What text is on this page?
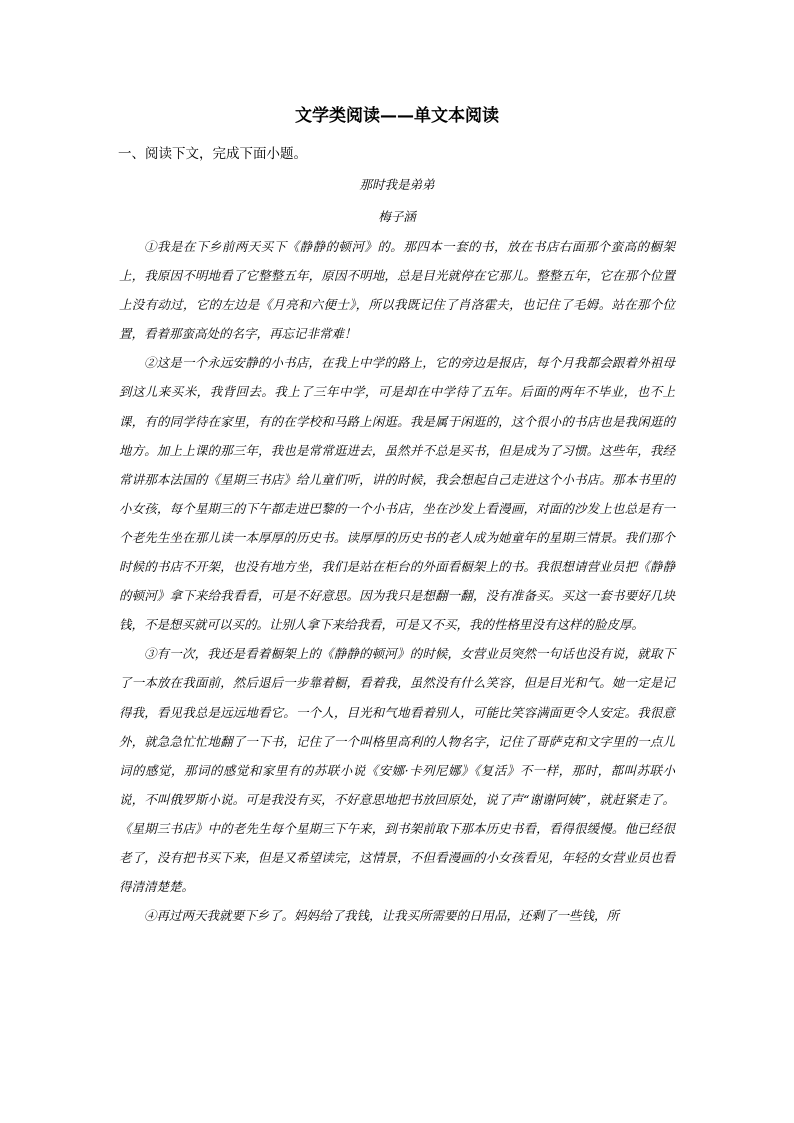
文学类阅读——单文本阅读
一、阅读下文，完成下面小题。
那时我是弟弟
梅子涵

①我是在下乡前两天买下《静静的顿河》的。那四本一套的书，放在书店右面那个蛮高的橱架上，我原因不明地看了它整整五年，原因不明地，总是目光就停在它那儿。整整五年，它在那个位置上没有动过，它的左边是《月亮和六便士》，所以我既记住了肖洛霍夫，也记住了毛姆。站在那个位置，看着那蛮高处的名字，再忘记非常难！

②这是一个永远安静的小书店，在我上中学的路上，它的旁边是报店，每个月我都会跟着外祖母到这儿来买米，我背回去。我上了三年中学，可是却在中学待了五年。后面的两年不毕业，也不上课，有的同学待在家里，有的在学校和马路上闲逛。我是属于闲逛的，这个很小的书店也是我闲逛的地方。加上上课的那三年，我也是常常逛进去，虽然并不总是买书，但是成为了习惯。这些年，我经常讲那本法国的《星期三书店》给儿童们听，讲的时候，我会想起自己走进这个小书店。那本书里的小女孩，每个星期三的下午都走进巴黎的一个小书店，坐在沙发上看漫画，对面的沙发上也总是有一个老先生坐在那儿读一本厚厚的历史书。读厚厚的历史书的老人成为她童年的星期三情景。我们那个时候的书店不开架，也没有地方坐，我们是站在柜台的外面看橱架上的书。我很想请营业员把《静静的顿河》拿下来给我看看，可是不好意思。因为我只是想翻一翻，没有准备买。买这一套书要好几块钱，不是想买就可以买的。让别人拿下来给我看，可是又不买，我的性格里没有这样的脸皮厚。

③有一次，我还是看着橱架上的《静静的顿河》的时候，女营业员突然一句话也没有说，就取下了一本放在我面前，然后退后一步靠着橱，看着我，虽然没有什么笑容，但是目光和气。她一定是记得我，看见我总是远远地看它。一个人，目光和气地看着别人，可能比笑容满面更令人安定。我很意外，就急急忙忙地翻了一下书，记住了一个叫格里高利的人物名字，记住了哥萨克和文字里的一点儿词的感觉，那词的感觉和家里有的苏联小说《安娜·卡列尼娜》《复活》不一样，那时，都叫苏联小说，不叫俄罗斯小说。可是我没有买，不好意思地把书放回原处，说了声“谢谢阿姨”，就赶紧走了。《星期三书店》中的老先生每个星期三下午来，到书架前取下那本历史书看，看得很缓慢。他已经很老了，没有把书买下来，但是又希望读完，这情景，不但看漫画的小女孩看见，年轻的女营业员也看得清清楚楚。

④再过两天我就要下乡了。妈妈给了我钱，让我买所需要的日用品，还剩了一些钱，所
